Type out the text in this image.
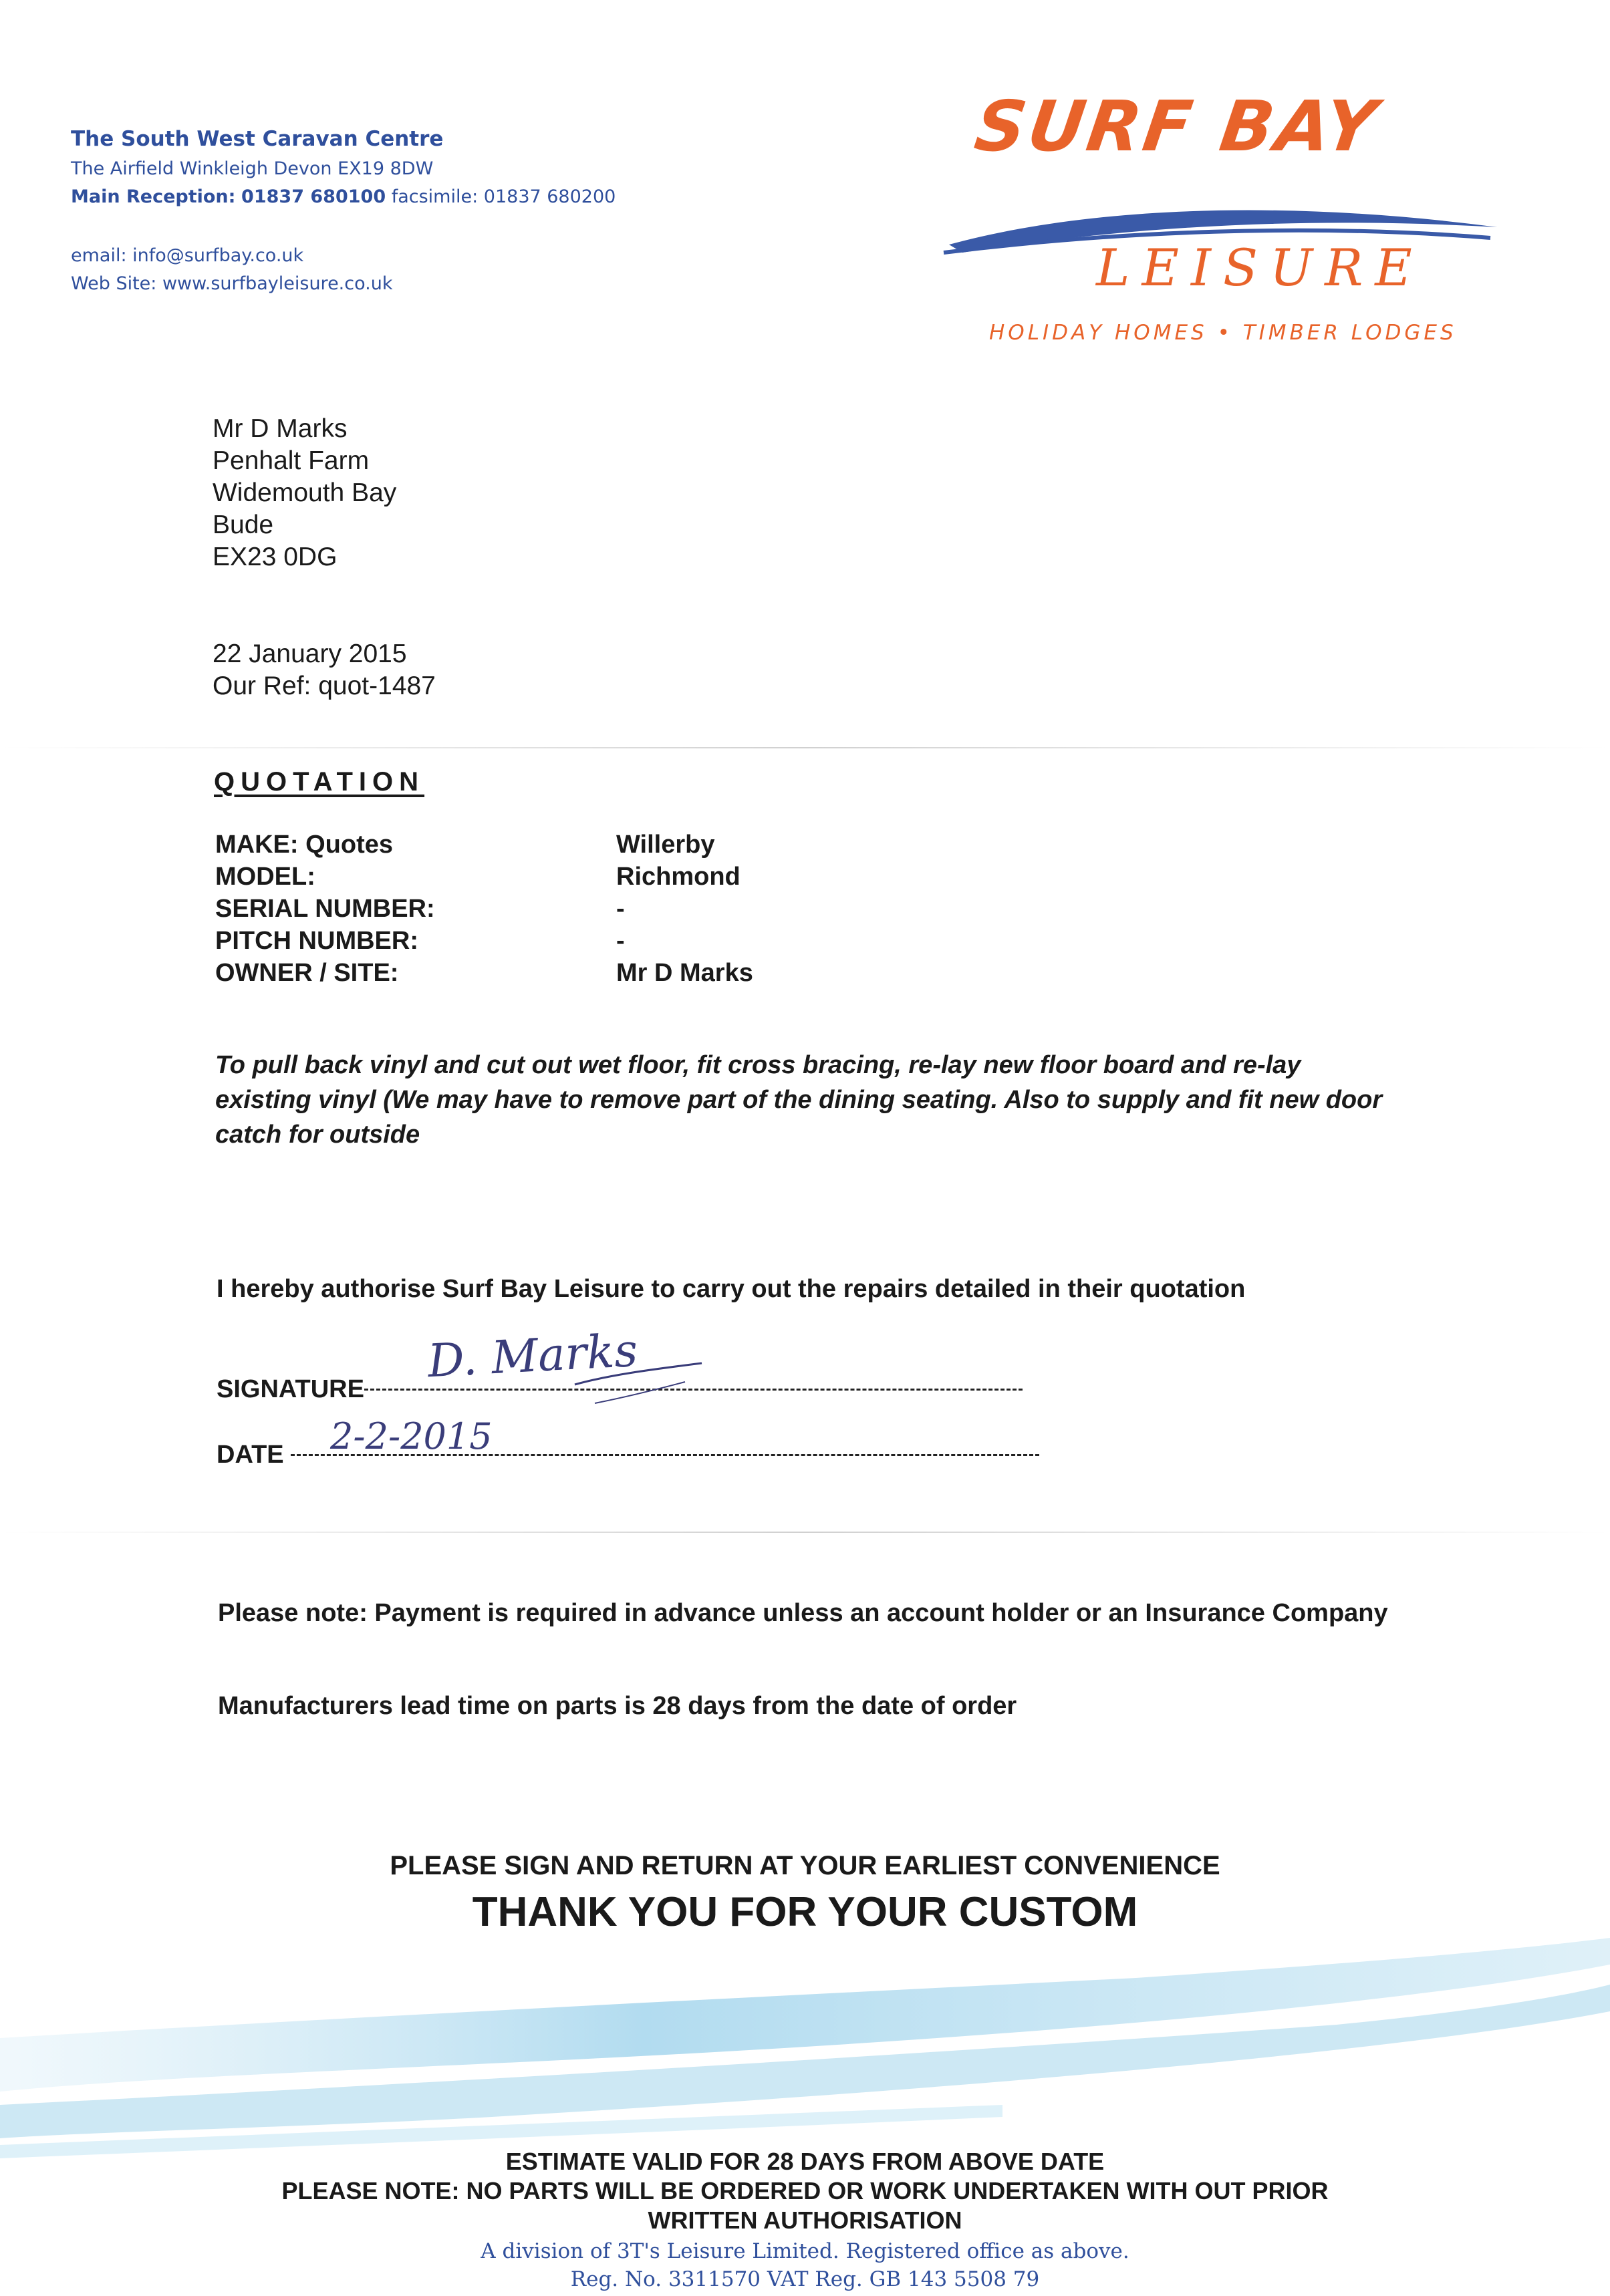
The South West Caravan Centre
The Airfield Winkleigh Devon EX19 8DW
Main Reception: 01837 680100 facsimile: 01837 680200
email: info@surfbay.co.uk
Web Site: www.surfbayleisure.co.uk
SURF BAY
LEISURE
HOLIDAY HOMES • TIMBER LODGES
Mr D Marks
Penhalt Farm
Widemouth Bay
Bude
EX23 0DG
22 January 2015
Our Ref: quot-1487
QUOTATION
MAKE: Quotes	Willerby
MODEL:	Richmond
SERIAL NUMBER:	-
PITCH NUMBER:	-
OWNER / SITE:	Mr D Marks
To pull back vinyl and cut out wet floor, fit cross bracing, re-lay new floor board and re-lay existing vinyl (We may have to remove part of the dining seating. Also to supply and fit new door catch for outside
I hereby authorise Surf Bay Leisure to carry out the repairs detailed in their quotation
SIGNATURE
D. Marks
DATE	2-2-2015
Please note: Payment is required in advance unless an account holder or an Insurance Company
Manufacturers lead time on parts is 28 days from the date of order
PLEASE SIGN AND RETURN AT YOUR EARLIEST CONVENIENCE
THANK YOU FOR YOUR CUSTOM
ESTIMATE VALID FOR 28 DAYS FROM ABOVE DATE
PLEASE NOTE: NO PARTS WILL BE ORDERED OR WORK UNDERTAKEN WITH OUT PRIOR
WRITTEN AUTHORISATION
A division of 3T's Leisure Limited. Registered office as above.
Reg. No. 3311570 VAT Reg. GB 143 5508 79
